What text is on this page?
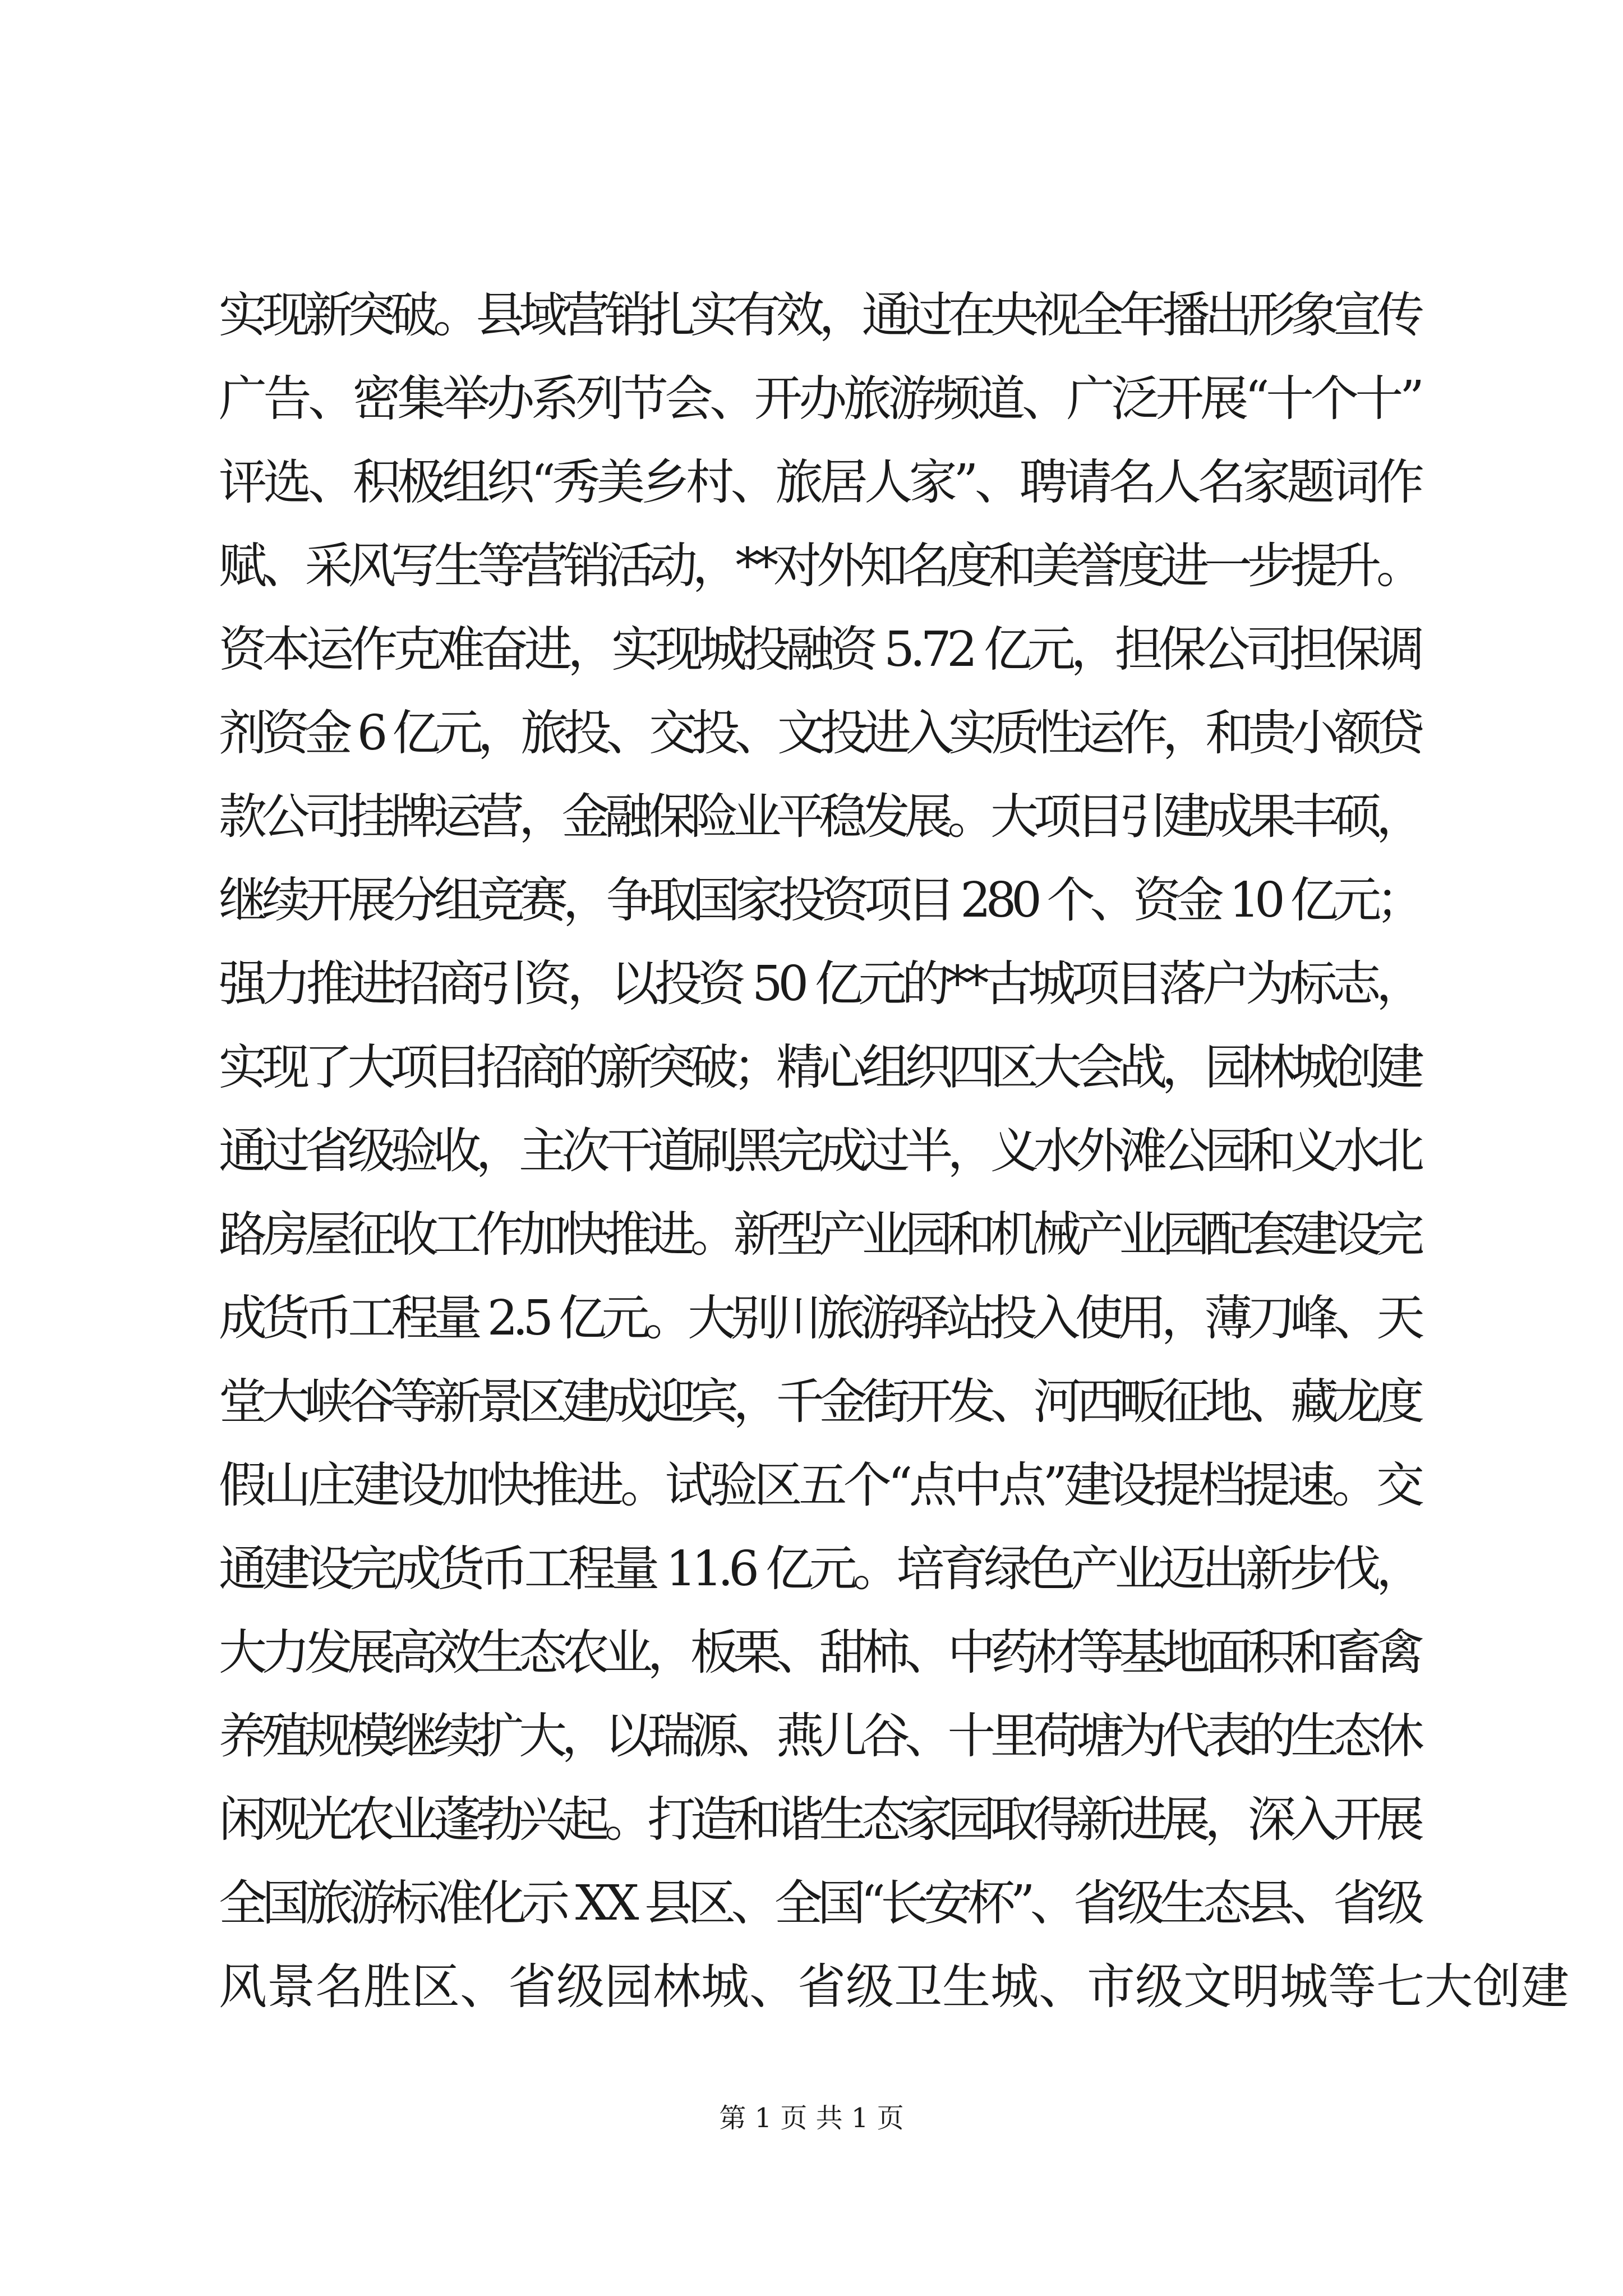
实现新突破。县域营销扎实有效，通过在央视全年播出形象宣传
广告、密集举办系列节会、开办旅游频道、广泛开展“十个十”
评选、积极组织“秀美乡村、旅居人家”、聘请名人名家题词作
赋、采风写生等营销活动，**对外知名度和美誉度进一步提升。
资本运作克难奋进，实现城投融资 5.72 亿元，担保公司担保调
剂资金 6 亿元，旅投、交投、文投进入实质性运作，和贵小额贷
款公司挂牌运营，金融保险业平稳发展。大项目引建成果丰硕，
继续开展分组竞赛，争取国家投资项目 280 个、资金 10 亿元；
强力推进招商引资，以投资 50 亿元的**古城项目落户为标志，
实现了大项目招商的新突破；精心组织四区大会战，园林城创建
通过省级验收，主次干道刷黑完成过半，义水外滩公园和义水北
路房屋征收工作加快推进。新型产业园和机械产业园配套建设完
成货币工程量 2.5 亿元。大别川旅游驿站投入使用，薄刀峰、天
堂大峡谷等新景区建成迎宾，千金街开发、河西畈征地、藏龙度
假山庄建设加快推进。试验区五个“点中点”建设提档提速。交
通建设完成货币工程量 11.6 亿元。培育绿色产业迈出新步伐，
大力发展高效生态农业，板栗、甜柿、中药材等基地面积和畜禽
养殖规模继续扩大，以瑞源、燕儿谷、十里荷塘为代表的生态休
闲观光农业蓬勃兴起。打造和谐生态家园取得新进展，深入开展
全国旅游标准化示 XX 县区、全国“长安杯”、省级生态县、省级
风景名胜区、省级园林城、省级卫生城、市级文明城等七大创建
第 1 页 共 1 页
